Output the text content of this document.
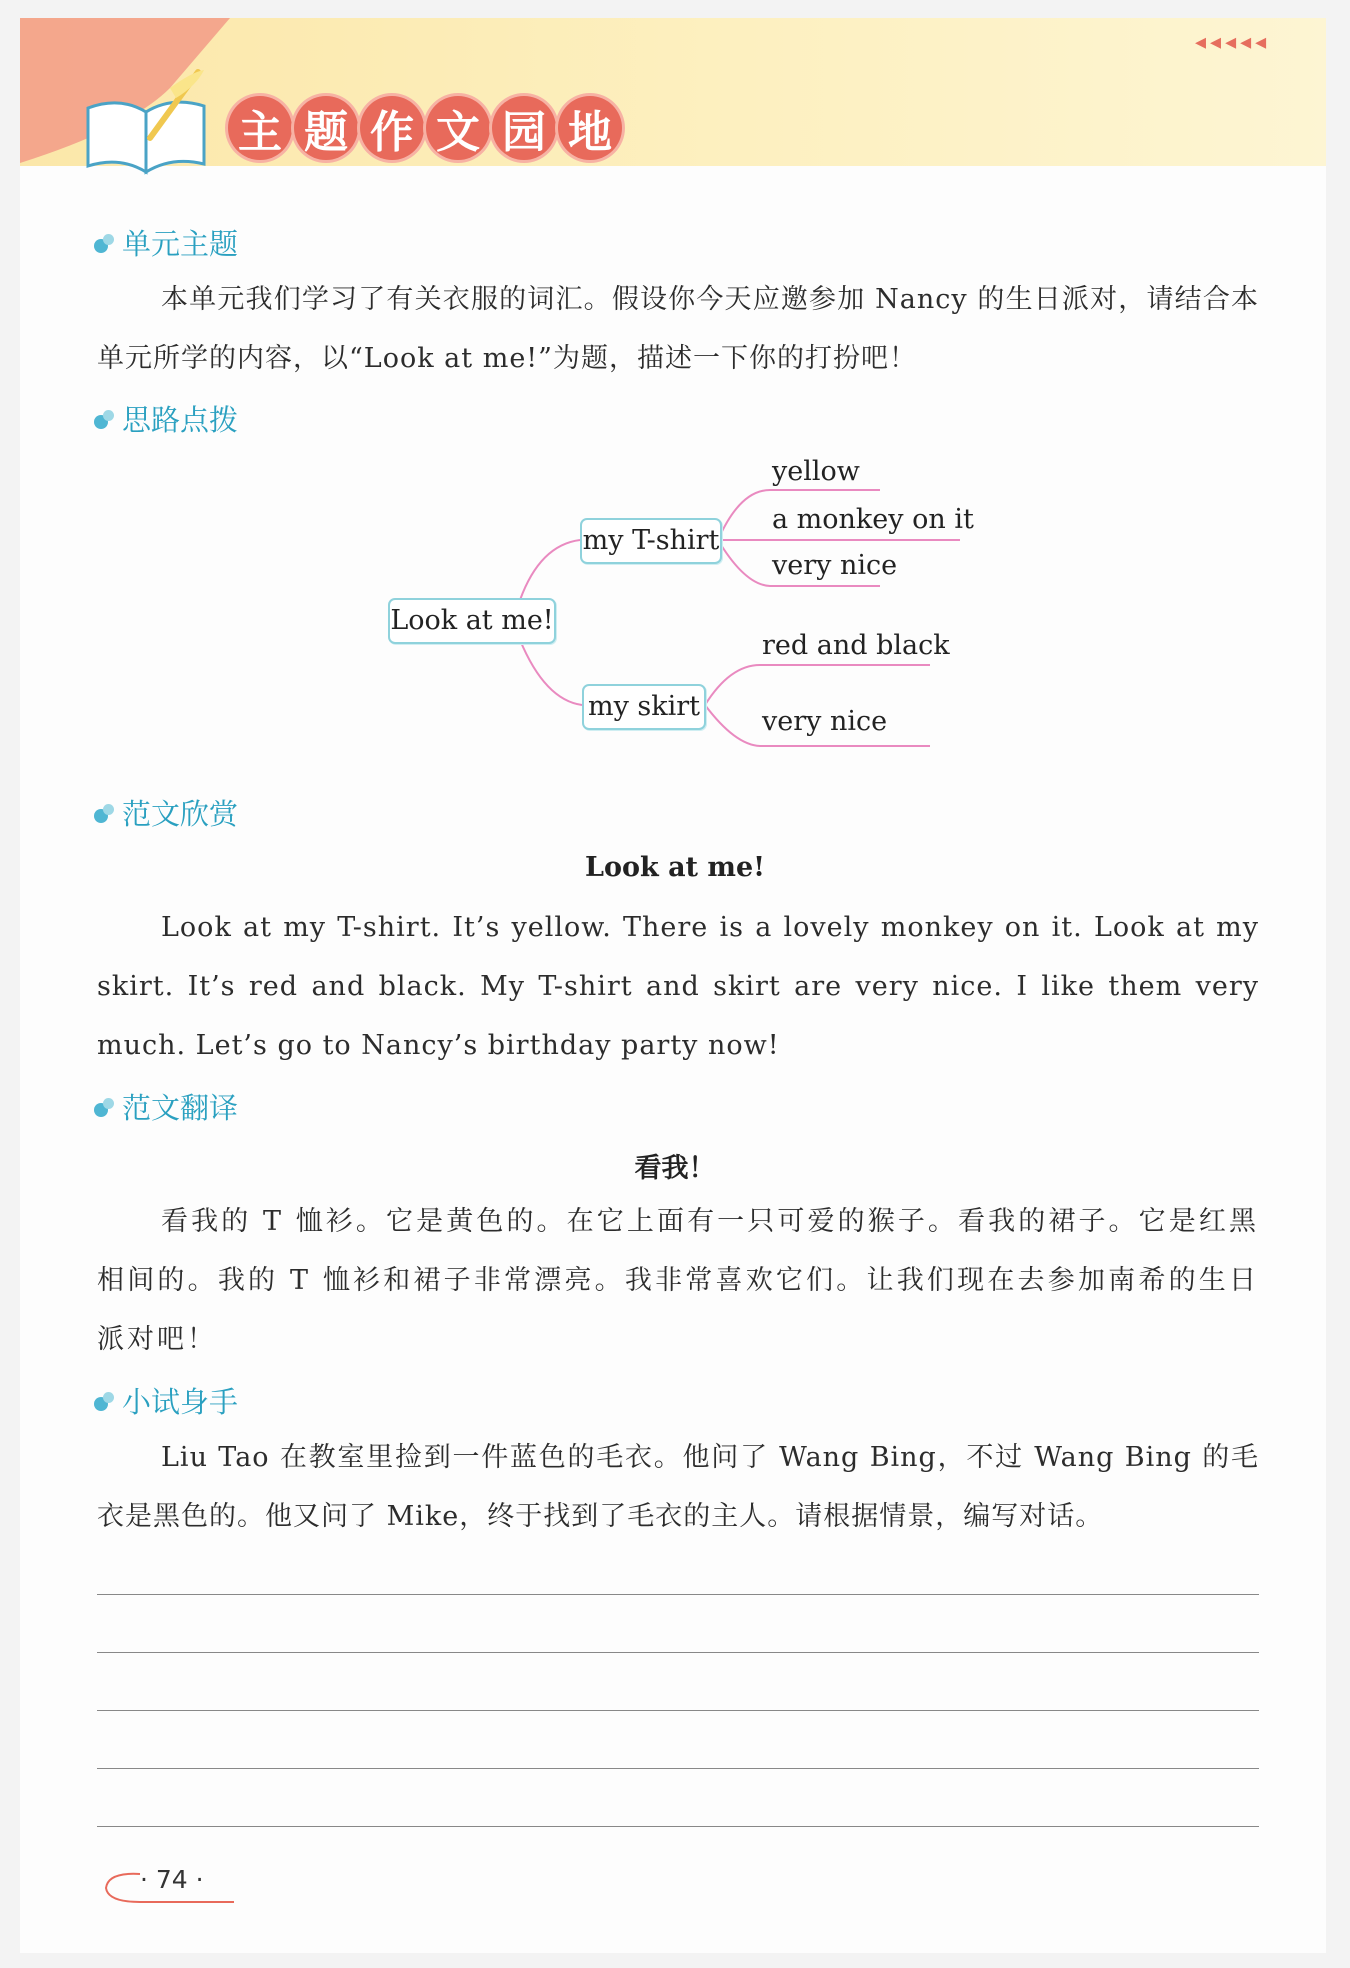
主 题 作 文 园 地
◂◂◂◂◂
单元主题
本单元我们学习了有关衣服的词汇。假设你今天应邀参加 Nancy 的生日派对，请结合本单元所学的内容，以“Look at me!”为题，描述一下你的打扮吧！
思路点拨
Look at me!
my T-shirt
my skirt
yellow
a monkey on it
very nice
red and black
very nice
范文欣赏
Look at me!
Look at my T-shirt. It’s yellow. There is a lovely monkey on it. Look at my skirt. It’s red and black. My T-shirt and skirt are very nice. I like them very much. Let’s go to Nancy’s birthday party now!
范文翻译
看我！
看我的 T 恤衫。它是黄色的。在它上面有一只可爱的猴子。看我的裙子。它是红黑相间的。我的 T 恤衫和裙子非常漂亮。我非常喜欢它们。让我们现在去参加南希的生日派对吧！
小试身手
Liu Tao 在教室里捡到一件蓝色的毛衣。他问了 Wang Bing，不过 Wang Bing 的毛衣是黑色的。他又问了 Mike，终于找到了毛衣的主人。请根据情景，编写对话。
· 74 ·
